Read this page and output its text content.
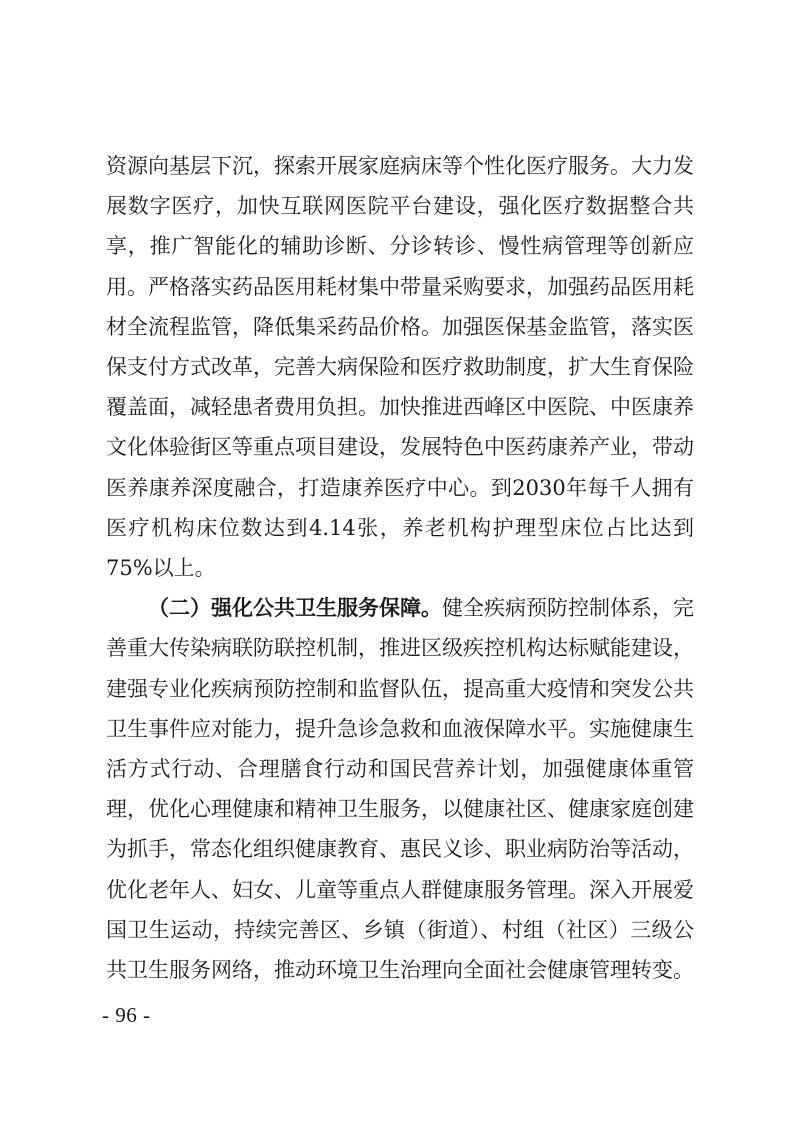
资源向基层下沉，探索开展家庭病床等个性化医疗服务。大力发展数字医疗，加快互联网医院平台建设，强化医疗数据整合共享，推广智能化的辅助诊断、分诊转诊、慢性病管理等创新应用。严格落实药品医用耗材集中带量采购要求，加强药品医用耗材全流程监管，降低集采药品价格。加强医保基金监管，落实医保支付方式改革，完善大病保险和医疗救助制度，扩大生育保险覆盖面，减轻患者费用负担。加快推进西峰区中医院、中医康养文化体验街区等重点项目建设，发展特色中医药康养产业，带动医养康养深度融合，打造康养医疗中心。到2030年每千人拥有医疗机构床位数达到4.14张，养老机构护理型床位占比达到75%以上。

（二）强化公共卫生服务保障。健全疾病预防控制体系，完善重大传染病联防联控机制，推进区级疾控机构达标赋能建设，建强专业化疾病预防控制和监督队伍，提高重大疫情和突发公共卫生事件应对能力，提升急诊急救和血液保障水平。实施健康生活方式行动、合理膳食行动和国民营养计划，加强健康体重管理，优化心理健康和精神卫生服务，以健康社区、健康家庭创建为抓手，常态化组织健康教育、惠民义诊、职业病防治等活动，优化老年人、妇女、儿童等重点人群健康服务管理。深入开展爱国卫生运动，持续完善区、乡镇（街道）、村组（社区）三级公共卫生服务网络，推动环境卫生治理向全面社会健康管理转变。

- 96 -
